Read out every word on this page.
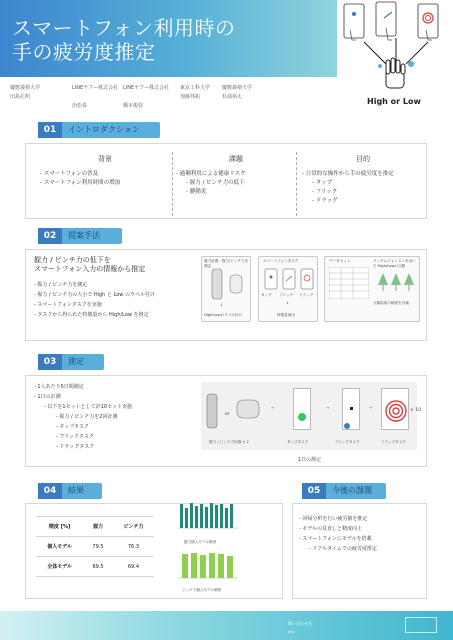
スマートフォン利用時の
手の疲労度推定
慶應義塾大学
田島孔明
LINEヤフー株式会社
治松泰
LINEヤフー株式会社
橋本俊弥
東京工科大学
加藤邦拓
慶應義塾大学
杉浦裕太	High or Low
01	イントロダクション
背景
- スマートフォンの普及
- スマートフォン利用時間の増加
課題
- 過剰利用による健康リスク
- 握力 / ピンチ力の低下
- 腱鞘炎
目的
- 日常的な操作から手の疲労度を推定
- タップ
- フリック
- ドラッグ
02	提案手法
握力 / ピンチ力の低下を
スマートフォン入力の情報から推定
- 握力 / ピンチ力を測定
- 握力 / ピンチ力の大小で High と Low のラベル付け
- スマートフォンタスクを実施
- タスクから得られた特徴量から High/Low を推定
握力計測・握力/ピンチ力を測定
↓
High/Lowのラベル付け
スマートフォンタスク
タップ フリック ドラッグ
↓
特徴量抽出
データセット	ランダムフォレストを用いた High/Lowの分類
分類結果の精度を評価
03	測定
- 1人あたり5日間測定
- 1日の計測
- 以下を1セットとして計10セット実施
- 握力 / ピンチ力を2回計測
- タップタスク
- フリックタスク
- ドラッグタスク
or
握力 / ピンチ力計測 × 2	タップタスク	フリックタスク	ドラッグタスク
→	→	→	× 10
1日の測定
04	結果
精度 [%]	握力	ピンチ力
個人モデル	79.5	76.3
全体モデル	69.5	69.4
握力個人モデル精度
ピンチ力個人モデル精度
05	今後の課題
- 回帰分析を行い疲労値を推定
- モデルの見直しと精度向上
- スマートフォンにモデルを搭載
- リアルタイムでの疲労度推定
問い合わせ先
Mail
